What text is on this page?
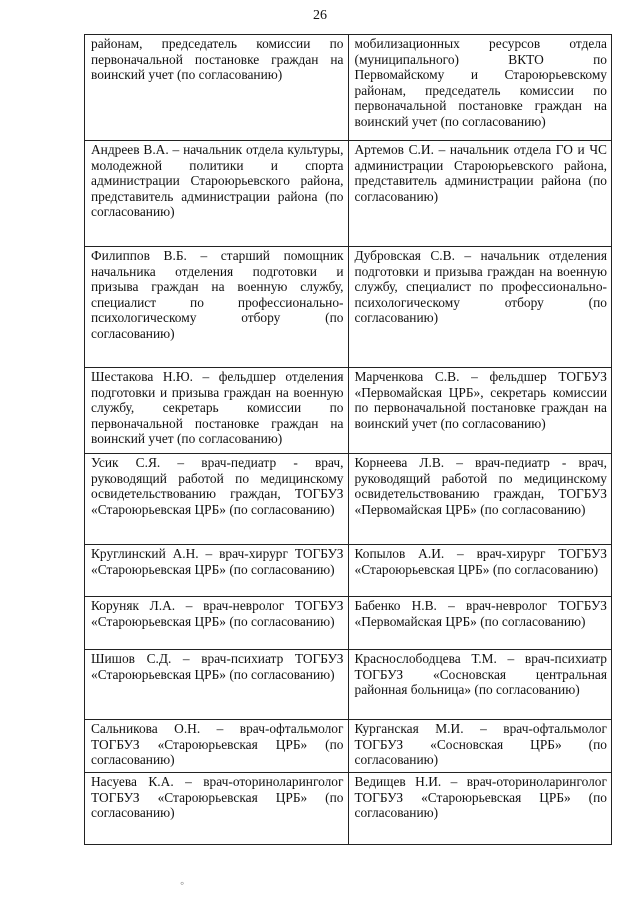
26
районам, председатель комиссии по первоначальной постановке граждан на воинский учет (по согласованию)	мобилизационных ресурсов отдела (муниципального) ВКТО по Первомайскому и Староюрьевскому районам, председатель комиссии по первоначальной постановке граждан на воинский учет (по согласованию)
Андреев В.А. – начальник отдела культуры, молодежной политики и спорта администрации Староюрьевского района, представитель администрации района (по согласованию)	Артемов С.И. – начальник отдела ГО и ЧС администрации Староюрьевского района, представитель администрации района (по согласованию)
Филиппов В.Б. – старший помощник начальника отделения подготовки и призыва граждан на военную службу, специалист по профессионально-психологическому отбору (по согласованию)	Дубровская С.В. – начальник отделения подготовки и призыва граждан на военную службу, специалист по профессионально-психологическому отбору (по согласованию)
Шестакова Н.Ю. – фельдшер отделения подготовки и призыва граждан на военную службу, секретарь комиссии по первоначальной постановке граждан на воинский учет (по согласованию)	Марченкова С.В. – фельдшер ТОГБУЗ «Первомайская ЦРБ», секретарь комиссии по первоначальной постановке граждан на воинский учет (по согласованию)
Усик С.Я. – врач-педиатр - врач, руководящий работой по медицинскому освидетельствованию граждан, ТОГБУЗ «Староюрьевская ЦРБ» (по согласованию)	Корнеева Л.В. – врач-педиатр - врач, руководящий работой по медицинскому освидетельствованию граждан, ТОГБУЗ «Первомайская ЦРБ» (по согласованию)
Круглинский А.Н. – врач-хирург ТОГБУЗ «Староюрьевская ЦРБ» (по согласованию)	Копылов А.И. – врач-хирург ТОГБУЗ «Староюрьевская ЦРБ» (по согласованию)
Коруняк Л.А. – врач-невролог ТОГБУЗ «Староюрьевская ЦРБ» (по согласованию)	Бабенко Н.В. – врач-невролог ТОГБУЗ «Первомайская ЦРБ» (по согласованию)
Шишов С.Д. – врач-психиатр ТОГБУЗ «Староюрьевская ЦРБ» (по согласованию)	Краснослободцева Т.М. – врач-психиатр ТОГБУЗ «Сосновская центральная районная больница» (по согласованию)
Сальникова О.Н. – врач-офтальмолог ТОГБУЗ «Староюрьевская ЦРБ» (по согласованию)	Курганская М.И. – врач-офтальмолог ТОГБУЗ «Сосновская ЦРБ» (по согласованию)
Насуева К.А. – врач-оториноларинголог ТОГБУЗ «Староюрьевская ЦРБ» (по согласованию)	Ведищев Н.И. – врач-оториноларинголог ТОГБУЗ «Староюрьевская ЦРБ» (по согласованию)
◦
